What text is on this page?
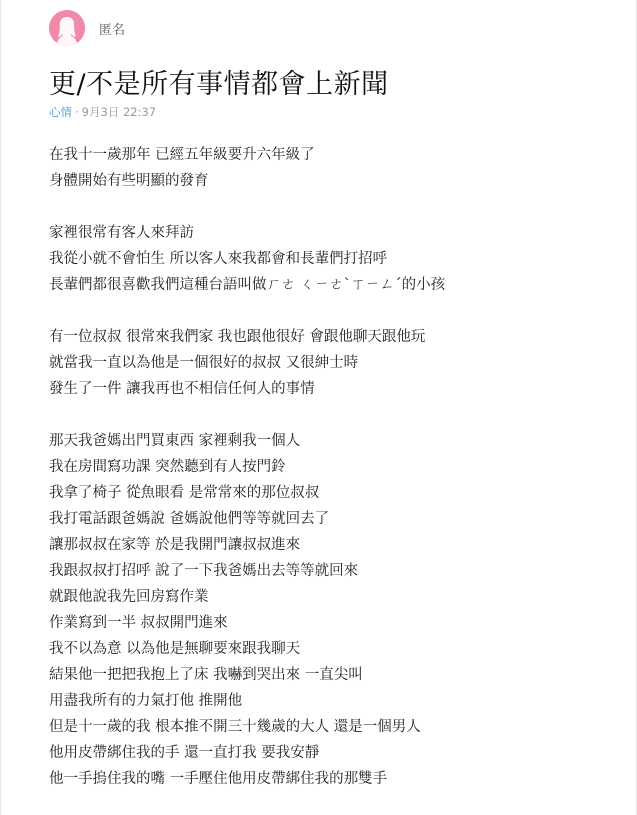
匿名
更/不是所有事情都會上新聞
心情 · 9月3日 22:37
在我十一歲那年 已經五年級要升六年級了
身體開始有些明顯的發育
家裡很常有客人來拜訪
我從小就不會怕生 所以客人來我都會和長輩們打招呼
長輩們都很喜歡我們這種台語叫做ㄏㄜ ㄑㄧㄜˋㄒㄧㄥˊ的小孩
有一位叔叔 很常來我們家 我也跟他很好 會跟他聊天跟他玩
就當我一直以為他是一個很好的叔叔 又很紳士時
發生了一件 讓我再也不相信任何人的事情
那天我爸媽出門買東西 家裡剩我一個人
我在房間寫功課 突然聽到有人按門鈴
我拿了椅子 從魚眼看 是常常來的那位叔叔
我打電話跟爸媽說 爸媽說他們等等就回去了
讓那叔叔在家等 於是我開門讓叔叔進來
我跟叔叔打招呼 說了一下我爸媽出去等等就回來
就跟他說我先回房寫作業
作業寫到一半 叔叔開門進來
我不以為意 以為他是無聊要來跟我聊天
結果他一把把我抱上了床 我嚇到哭出來 一直尖叫
用盡我所有的力氣打他 推開他
但是十一歲的我 根本推不開三十幾歲的大人 還是一個男人
他用皮帶綁住我的手 還一直打我 要我安靜
他一手摀住我的嘴 一手壓住他用皮帶綁住我的那雙手
